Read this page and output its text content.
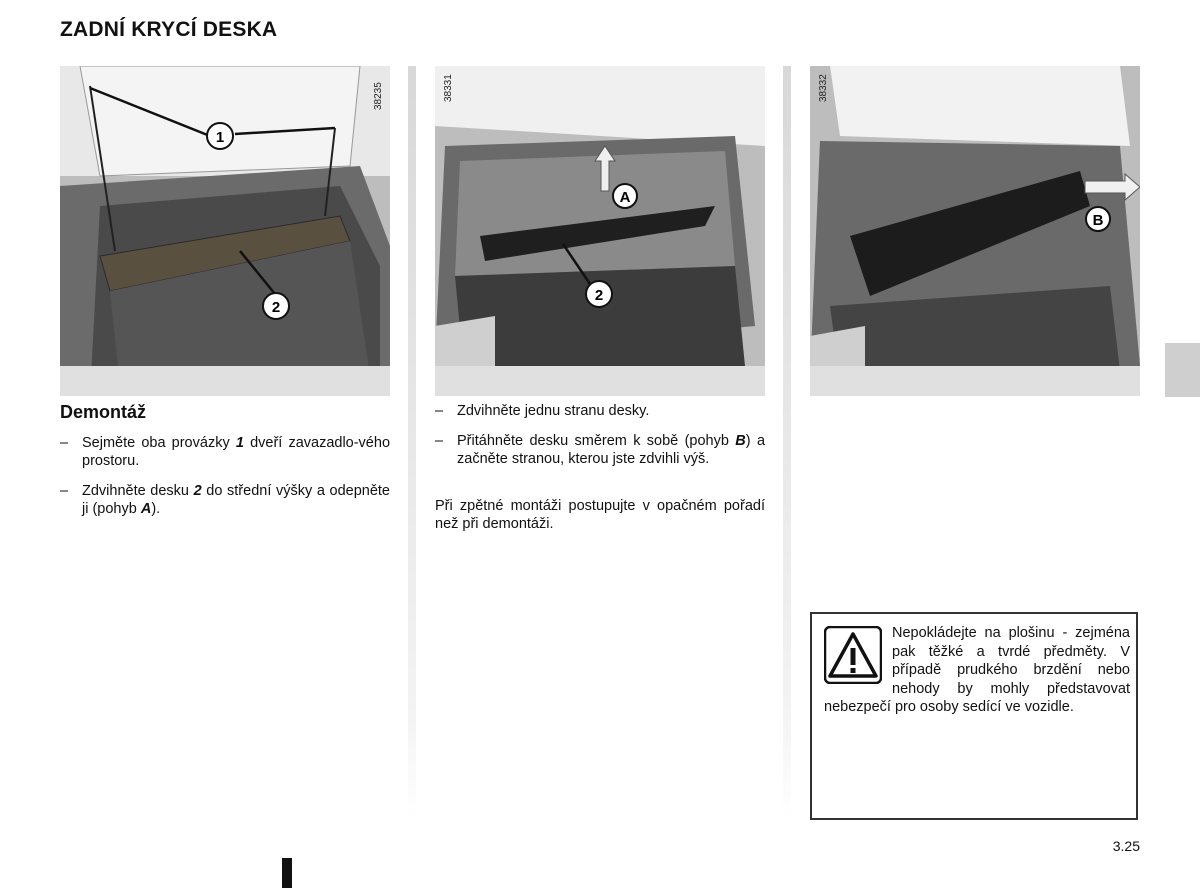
ZADNÍ KRYCÍ DESKA
1
2
38235
A
2
38331
B
38332
Demontáž
– Sejměte oba provázky 1 dveří zavazadlo-vého prostoru.
– Zdvihněte desku 2 do střední výšky a odepněte ji (pohyb A).
– Zdvihněte jednu stranu desky.
– Přitáhněte desku směrem k sobě (pohyb B) a začněte stranou, kterou jste zdvihli výš.
Při zpětné montáži postupujte v opačném pořadí než při demontáži.
Nepokládejte na plošinu - zejména pak těžké a tvrdé předměty. V případě prudkého brzdění nebo nehody by mohly představovat nebezpečí pro osoby sedící ve vozidle.
3.25
